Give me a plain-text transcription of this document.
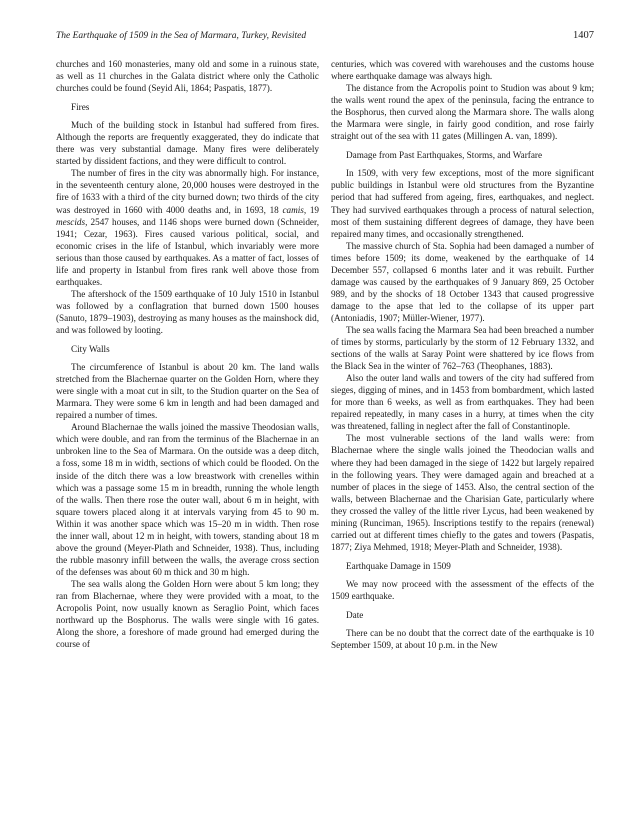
The Earthquake of 1509 in the Sea of Marmara, Turkey, Revisited	1407

churches and 160 monasteries, many old and some in a ruinous state, as well as 11 churches in the Galata district where only the Catholic churches could be found (Seyid Ali, 1864; Paspatis, 1877).

Fires

Much of the building stock in Istanbul had suffered from fires. Although the reports are frequently exaggerated, they do indicate that there was very substantial damage. Many fires were deliberately started by dissident factions, and they were difficult to control.

The number of fires in the city was abnormally high. For instance, in the seventeenth century alone, 20,000 houses were destroyed in the fire of 1633 with a third of the city burned down; two thirds of the city was destroyed in 1660 with 4000 deaths and, in 1693, 18 camis, 19 mescids, 2547 houses, and 1146 shops were burned down (Schneider, 1941; Cezar, 1963). Fires caused various political, social, and economic crises in the life of Istanbul, which invariably were more serious than those caused by earthquakes. As a matter of fact, losses of life and property in Istanbul from fires rank well above those from earthquakes.

The aftershock of the 1509 earthquake of 10 July 1510 in Istanbul was followed by a conflagration that burned down 1500 houses (Sanuto, 1879–1903), destroying as many houses as the mainshock did, and was followed by looting.

City Walls

The circumference of Istanbul is about 20 km. The land walls stretched from the Blachernae quarter on the Golden Horn, where they were single with a moat cut in silt, to the Studion quarter on the Sea of Marmara. They were some 6 km in length and had been damaged and repaired a number of times.

Around Blachernae the walls joined the massive Theodosian walls, which were double, and ran from the terminus of the Blachernae in an unbroken line to the Sea of Marmara. On the outside was a deep ditch, a foss, some 18 m in width, sections of which could be flooded. On the inside of the ditch there was a low breastwork with crenelles within which was a passage some 15 m in breadth, running the whole length of the walls. Then there rose the outer wall, about 6 m in height, with square towers placed along it at intervals varying from 45 to 90 m. Within it was another space which was 15–20 m in width. Then rose the inner wall, about 12 m in height, with towers, standing about 18 m above the ground (Meyer-Plath and Schneider, 1938). Thus, including the rubble masonry infill between the walls, the average cross section of the defenses was about 60 m thick and 30 m high.

The sea walls along the Golden Horn were about 5 km long; they ran from Blachernae, where they were provided with a moat, to the Acropolis Point, now usually known as Seraglio Point, which faces northward up the Bosphorus. The walls were single with 16 gates. Along the shore, a foreshore of made ground had emerged during the course of

centuries, which was covered with warehouses and the customs house where earthquake damage was always high.

The distance from the Acropolis point to Studion was about 9 km; the walls went round the apex of the peninsula, facing the entrance to the Bosphorus, then curved along the Marmara shore. The walls along the Marmara were single, in fairly good condition, and rose fairly straight out of the sea with 11 gates (Millingen A. van, 1899).

Damage from Past Earthquakes, Storms, and Warfare

In 1509, with very few exceptions, most of the more significant public buildings in Istanbul were old structures from the Byzantine period that had suffered from ageing, fires, earthquakes, and neglect. They had survived earthquakes through a process of natural selection, most of them sustaining different degrees of damage, they have been repaired many times, and occasionally strengthened.

The massive church of Sta. Sophia had been damaged a number of times before 1509; its dome, weakened by the earthquake of 14 December 557, collapsed 6 months later and it was rebuilt. Further damage was caused by the earthquakes of 9 January 869, 25 October 989, and by the shocks of 18 October 1343 that caused progressive damage to the apse that led to the collapse of its upper part (Antoniadis, 1907; Müller-Wiener, 1977).

The sea walls facing the Marmara Sea had been breached a number of times by storms, particularly by the storm of 12 February 1332, and sections of the walls at Saray Point were shattered by ice flows from the Black Sea in the winter of 762–763 (Theophanes, 1883).

Also the outer land walls and towers of the city had suffered from sieges, digging of mines, and in 1453 from bombardment, which lasted for more than 6 weeks, as well as from earthquakes. They had been repaired repeatedly, in many cases in a hurry, at times when the city was threatened, falling in neglect after the fall of Constantinople.

The most vulnerable sections of the land walls were: from Blachernae where the single walls joined the Theodocian walls and where they had been damaged in the siege of 1422 but largely repaired in the following years. They were damaged again and breached at a number of places in the siege of 1453. Also, the central section of the walls, between Blachernae and the Charisian Gate, particularly where they crossed the valley of the little river Lycus, had been weakened by mining (Runciman, 1965). Inscriptions testify to the repairs (renewal) carried out at different times chiefly to the gates and towers (Paspatis, 1877; Ziya Mehmed, 1918; Meyer-Plath and Schneider, 1938).

Earthquake Damage in 1509

We may now proceed with the assessment of the effects of the 1509 earthquake.

Date

There can be no doubt that the correct date of the earthquake is 10 September 1509, at about 10 p.m. in the New
